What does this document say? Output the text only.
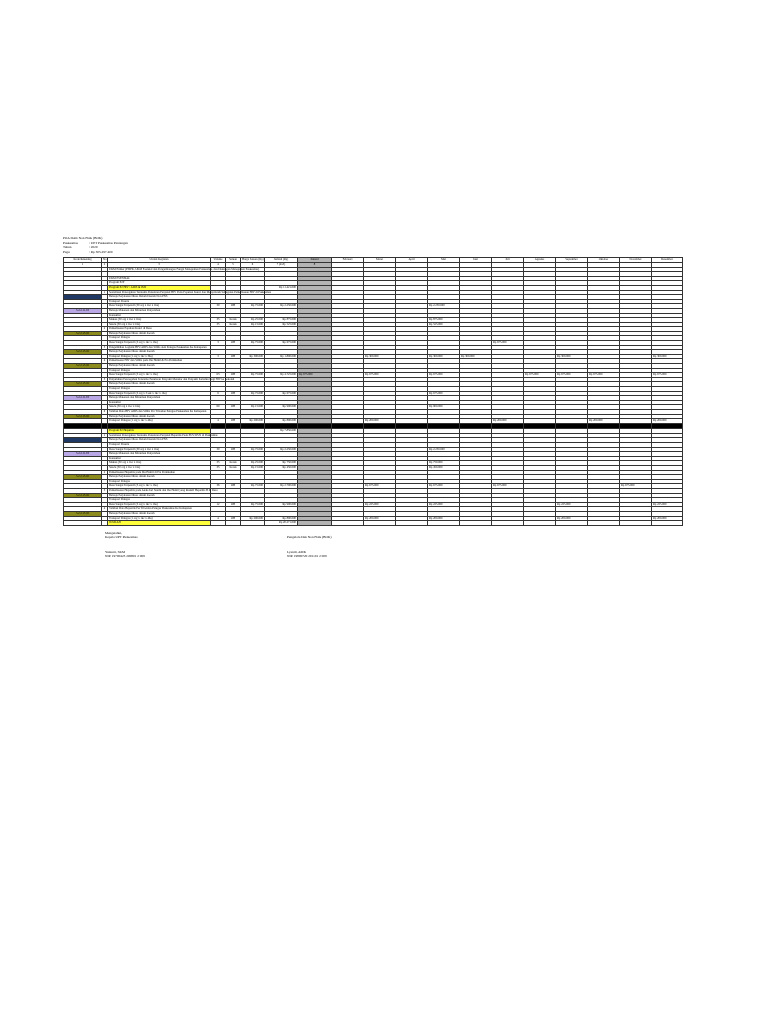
POA DAK Non Fisik (BOK)
Puskesmas	: UPT Puskesmas Pantangan
Tahun	: 2020
Pagu	: Rp 305.297.400
Kode Rekening	No	Uraian Kegiatan	Volume	Satuan	Harga Satuan (Rp)	Jumlah (Rp)	Januari	Februari	Maret	April	Mei	Juni	Juli	Agustus	September	Oktober	November	Desember
1	2	3	4	5	6	7 (4x5)	8											
		UKM Primer (PISPK, UKM Esensial dan Pengembangan Fungsi Manajemen Puskesmas, dan Dukungan Manajemen Puskesmas)																

		UKM ESENSIAL																
		Program P2P																
		Program P2 HIV / AIDS & IMS				Rp 11.421.000												
	1	Sosialisasi Pencegahan Terutama Penularan Penyakit HIV Pada Populasi Kunci dan Menyeluruh Sebagaian Pemeriksaan HIV di Puskesmas																
		Belanja Perjalanan Dinas Dalam Daerah Non PNS																
		Transport Peserta																
		Desa Sangat Terpencil (30 org x 1kc x 1ha)	30	OH	Rp 75.000	Rp 2.250.000					Rp 2.250.000							
5.2.2.11.03		Belanja Makanan dan Minuman Penyelahan																
		Konsumsi																
		Makan (30 org x 1kc x 1ha)	35	Kotak	Rp 25.000	Rp 875.000					Rp 875.000							
		Snack (30 org x 1kc x 1ha)	35	Kotak	Rp 15.000	Rp 525.000					Rp 525.000							
	2	Pemeriksaan Populasi Kunci di Desa																
5.2.2.15.02		Belanja Perjalanan Dinas dalam daerah																
		Transport Petugas																
		Desa Sangat Terpencil (3 org x 1kc x 1ha)	3	OH	Rp 75.000	Rp 675.000							Rp 675.000					
	3	Pengambilan Logistik HIV/AIDS dan Sifilis oleh Petugas Puskesmas Ke Kabupaten																
5.2.2.15.02		Belanja Perjalanan Dinas dalam daerah																
		Transport Petugas (1 org x 1kc x 3ha)	3	OH	Rp 300.000	Rp 1.800.000			Rp 300.000		Rp 300.000	Rp 300.000			Rp 300.000			Rp 300.000
	4	Pemeriksaan HIV dan Sifilis pada Ibu Hamil & Pra Pernikahan																
5.2.2.15.02		Belanja Perjalanan Dinas dalam daerah																
		Transport Petugas																
		Desa Sangat Terpencil (3 org x 1kc x 1ha)	63	OH	Rp 75.000	Rp 4.725.000	Rp 675.000		Rp 675.000		Rp 675.000			Rp 675.000	Rp 675.000	Rp 675.000		Rp 675.000
	5	Penyuluhan Pencegahan Terutama Penularan Penyakit Menular dan Penyakit Kelamin Bagi HIV ke Sekolah																
5.2.2.15.02		Belanja Perjalanan Dinas dalam daerah																
		Transport Petugas																
		Desa Sangat Terpencil (3 org x 3 sek x 1kc x 1ha)	9	OH	Rp 75.000	Rp 675.000					Rp 675.000							
5.2.2.11.03		Belanja Makanan dan Minuman Penyelahan																
		Konsumsi																
		Snack (30 org x 1kc x 1ha)	60	OH	Rp 15.000	Rp 900.000					Rp 900.000							
	6	Validasi Data HIV AIDS dan Sifilis Per Triwulan Petugas Puskesmas Ke Kabupaten																
5.2.2.15.02		Belanja Perjalanan Dinas dalam daerah																
		Transport Petugas (1 org x 1kc x 4ha)	4	OH	Rp 200.000	Rp 800.000			Rp 200.000				Rp 200.000			Rp 200.000		Rp 200.000

		Program P2 Hepatitis				Rp 7.850.000												
	1	Sosialisasi Pencegahan Terutama Penularan Penyakit Hepatitis Pada PUS/WUS di Puskesmas																
		Belanja Perjalanan Dinas Dalam Daerah Non PNS																
		Transport Peserta																
		Desa Sangat Terpencil (30 org x 1kc x 1ha)	30	OH	Rp 75.000	Rp 2.250.000					Rp 2.250.000							
5.2.2.11.03		Belanja Makanan dan Minuman Penyelahan																
		Konsumsi																
		Makan (30 org x 1kc x 1ha)	35	Kotak	Rp 25.000	Rp 750.000					Rp 750.000							
		Snack (30 org x 1kc x 1ha)	35	Kotak	Rp 15.000	Rp 450.000					Rp 450.000							
	2	Pemeriksaan Hepatitis pada Ibu Hamil di Pra Pernikahan																
5.2.2.15.02		Belanja Perjalanan Dinas dalam daerah																
		Transport Petugas																
		Desa Sangat Terpencil (3 org x 1kc x 1ha)	36	OH	Rp 75.000	Rp 2.700.000			Rp 675.000		Rp 675.000		Rp 675.000				Rp 675.000	
	3	Pemeriksaan Hepatitis pada Anak dari Suami dan Ibu Hamil yang Reaktif Hepatitis B di Desa																
5.2.2.15.02		Belanja Perjalanan Dinas dalam daerah																
		Transport Petugas																
		Desa Sangat Terpencil (3 org x 1kc x 1ha)	12	OH	Rp 75.000	Rp 900.000			Rp 225.000		Rp 225.000				Rp 225.000			Rp 225.000
	4	Validasi Data Hepatitis Per Triwulan Petugas Puskesmas Ke Kabupaten																
5.2.2.15.02		Belanja Perjalanan Dinas dalam daerah																
		Transport Petugas (1 org x 1kc x 4ha)	4	OH	Rp 200.000	Rp 800.000			Rp 200.000		Rp 200.000				Rp 200.000			Rp 200.000
		JUMLAH				Rp 20.271.000												
Mengetahui,
Kepala UPT Puskesmas	Pengelola Dak Non Fisik (BOK)
Yuniarti, SKM
NIP. 19790423 200801 2 009
Lyantil, AMK
NIP. 19890720 201101 2 009
